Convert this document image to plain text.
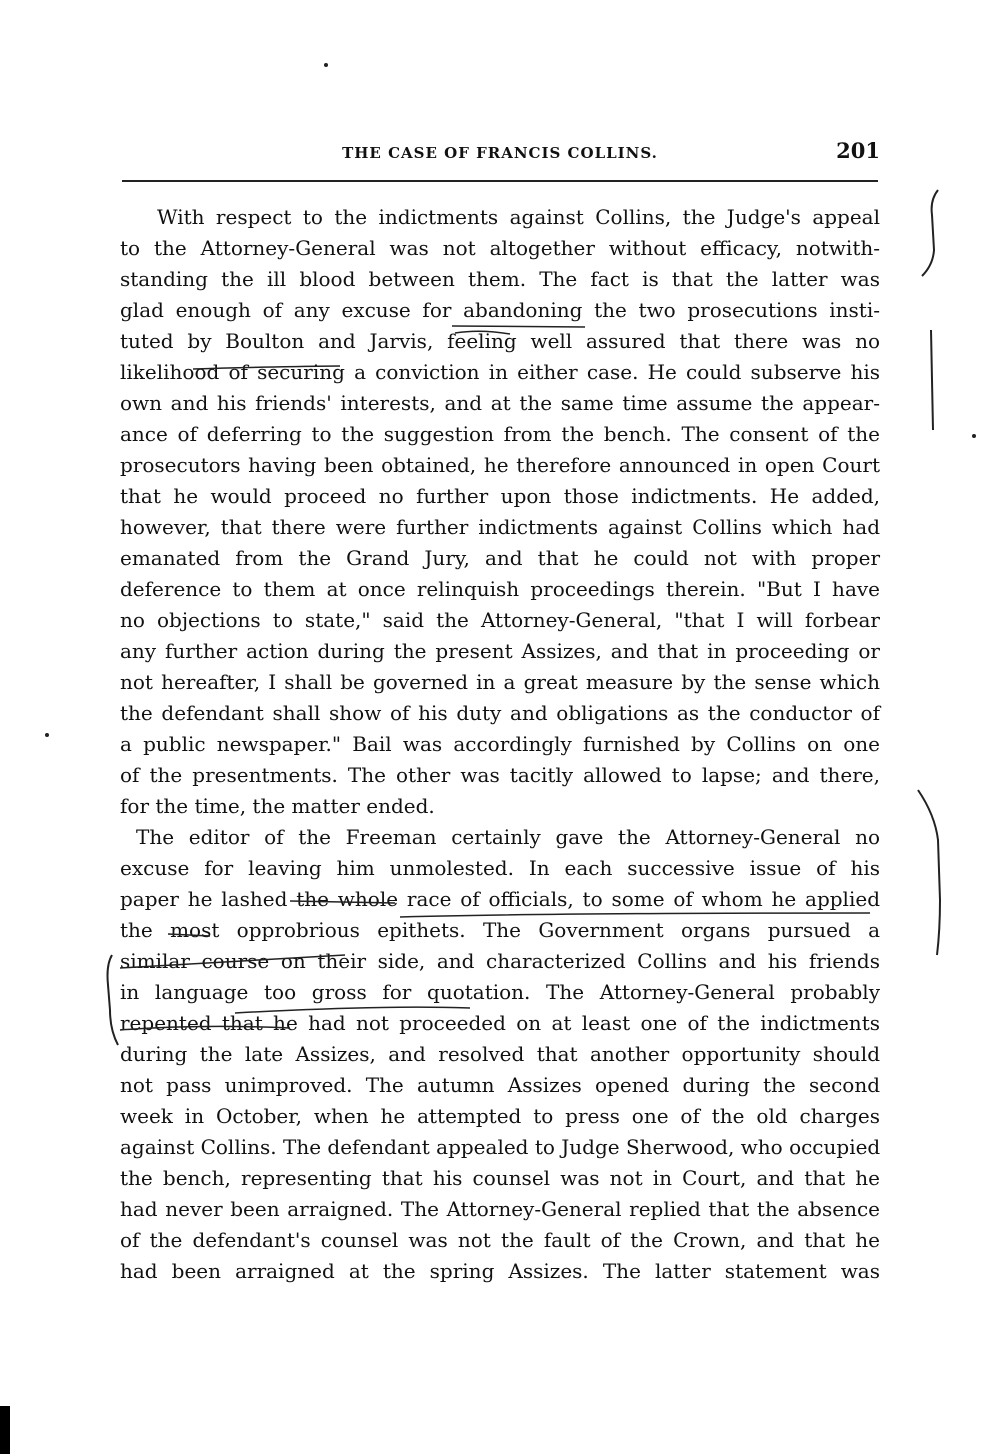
THE CASE OF FRANCIS COLLINS.	201
With respect to the indictments against Collins, the Judge's appeal
to the Attorney-General was not altogether without efficacy, notwith-
standing the ill blood between them. The fact is that the latter was
glad enough of any excuse for abandoning the two prosecutions insti-
tuted by Boulton and Jarvis, feeling well assured that there was no
likelihood of securing a conviction in either case. He could subserve his
own and his friends' interests, and at the same time assume the appear-
ance of deferring to the suggestion from the bench. The consent of the
prosecutors having been obtained, he therefore announced in open Court
that he would proceed no further upon those indictments. He added,
however, that there were further indictments against Collins which had
emanated from the Grand Jury, and that he could not with proper
deference to them at once relinquish proceedings therein. "But I have
no objections to state," said the Attorney-General, "that I will forbear
any further action during the present Assizes, and that in proceeding or
not hereafter, I shall be governed in a great measure by the sense which
the defendant shall show of his duty and obligations as the conductor of
a public newspaper." Bail was accordingly furnished by Collins on one
of the presentments. The other was tacitly allowed to lapse; and there,
for the time, the matter ended.
The editor of the Freeman certainly gave the Attorney-General no
excuse for leaving him unmolested. In each successive issue of his
paper he lashed the whole race of officials, to some of whom he applied
the most opprobrious epithets. The Government organs pursued a
similar course on their side, and characterized Collins and his friends
in language too gross for quotation. The Attorney-General probably
repented that he had not proceeded on at least one of the indictments
during the late Assizes, and resolved that another opportunity should
not pass unimproved. The autumn Assizes opened during the second
week in October, when he attempted to press one of the old charges
against Collins. The defendant appealed to Judge Sherwood, who occupied
the bench, representing that his counsel was not in Court, and that he
had never been arraigned. The Attorney-General replied that the absence
of the defendant's counsel was not the fault of the Crown, and that he
had been arraigned at the spring Assizes. The latter statement was
